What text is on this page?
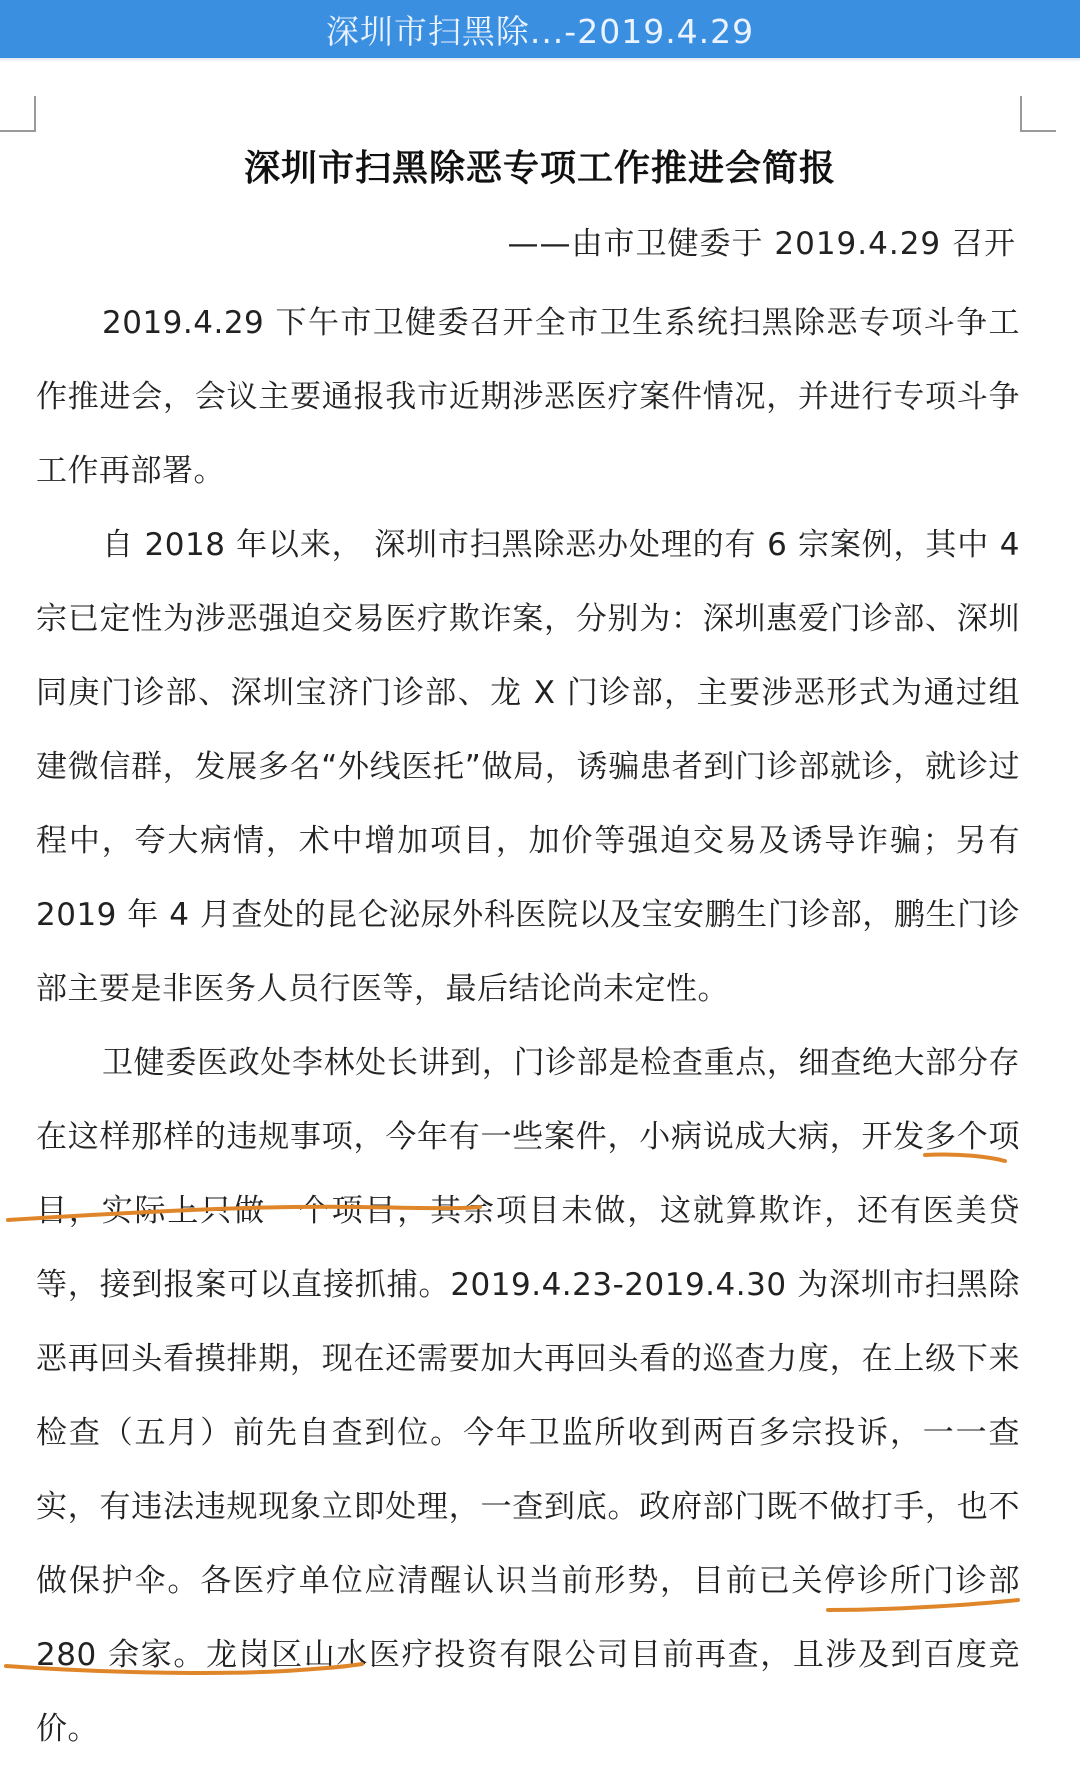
深圳市扫黑除...-2019.4.29
深圳市扫黑除恶专项工作推进会简报
——由市卫健委于 2019.4.29 召开

2019.4.29 下午市卫健委召开全市卫生系统扫黑除恶专项斗争工作推进会，会议主要通报我市近期涉恶医疗案件情况，并进行专项斗争工作再部署。

自 2018 年以来， 深圳市扫黑除恶办处理的有 6 宗案例，其中 4 宗已定性为涉恶强迫交易医疗欺诈案，分别为：深圳惠爱门诊部、深圳同庚门诊部、深圳宝济门诊部、龙 X 门诊部，主要涉恶形式为通过组建微信群，发展多名“外线医托”做局，诱骗患者到门诊部就诊，就诊过程中，夸大病情，术中增加项目，加价等强迫交易及诱导诈骗；另有 2019 年 4 月查处的昆仑泌尿外科医院以及宝安鹏生门诊部，鹏生门诊部主要是非医务人员行医等，最后结论尚未定性。

卫健委医政处李林处长讲到，门诊部是检查重点，细查绝大部分存在这样那样的违规事项，今年有一些案件，小病说成大病，开发多个项目，实际上只做一个项目，其余项目未做，这就算欺诈，还有医美贷等，接到报案可以直接抓捕。2019.4.23-2019.4.30 为深圳市扫黑除恶再回头看摸排期，现在还需要加大再回头看的巡查力度，在上级下来检查（五月）前先自查到位。今年卫监所收到两百多宗投诉，一一查实，有违法违规现象立即处理，一查到底。政府部门既不做打手，也不做保护伞。各医疗单位应清醒认识当前形势，目前已关停诊所门诊部 280 余家。龙岗区山水医疗投资有限公司目前再查，且涉及到百度竞价。
